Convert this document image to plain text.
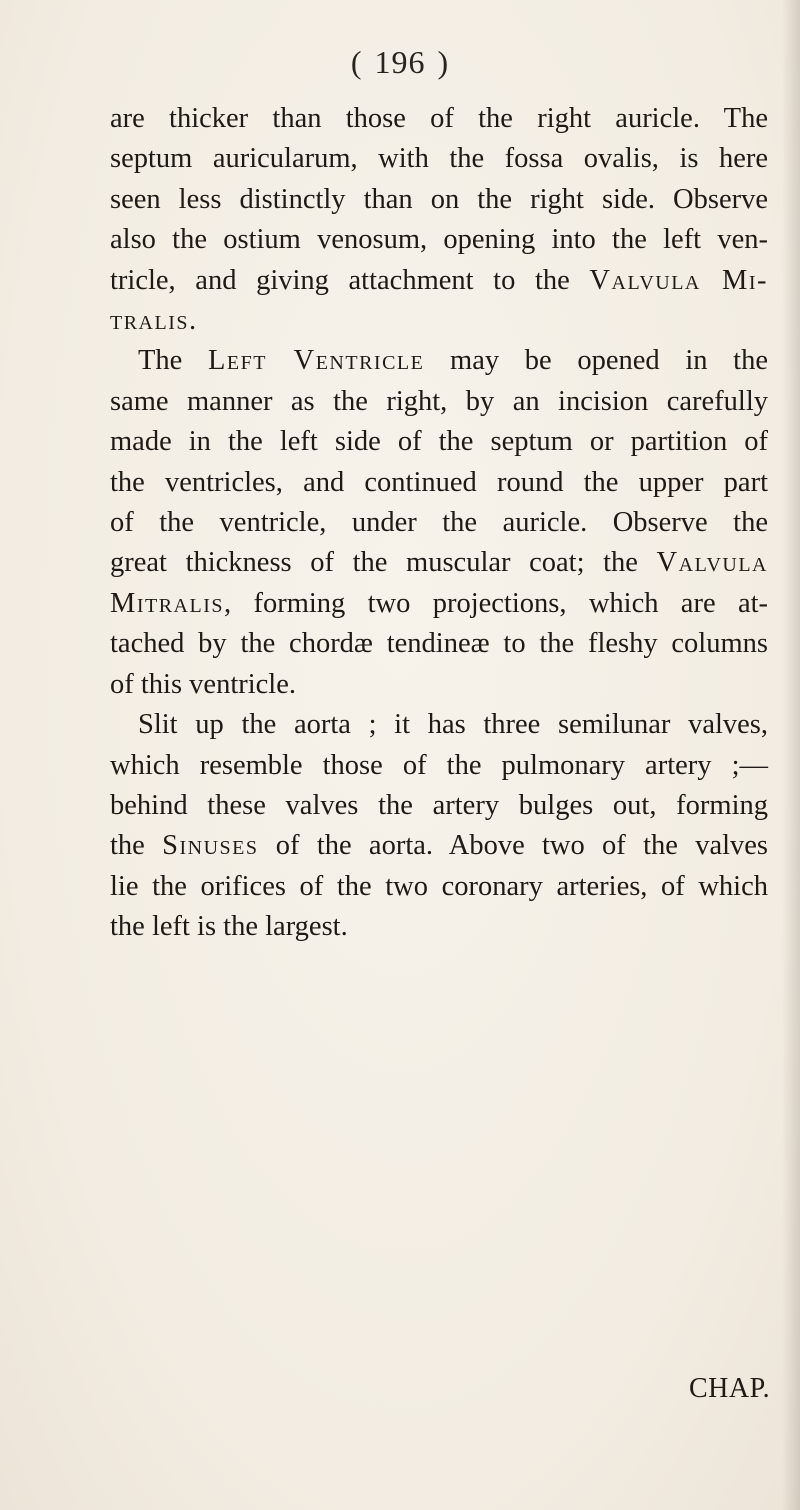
( 196 )
are thicker than those of the right auricle. The
septum auricularum, with the fossa ovalis, is here
seen less distinctly than on the right side. Observe
also the ostium venosum, opening into the left ven-
tricle, and giving attachment to the Valvula Mi-
tralis.
The Left Ventricle may be opened in the
same manner as the right, by an incision carefully
made in the left side of the septum or partition of
the ventricles, and continued round the upper part
of the ventricle, under the auricle. Observe the
great thickness of the muscular coat; the Valvula
Mitralis, forming two projections, which are at-
tached by the chordæ tendineæ to the fleshy columns
of this ventricle.
Slit up the aorta ; it has three semilunar valves,
which resemble those of the pulmonary artery ;—
behind these valves the artery bulges out, forming
the Sinuses of the aorta. Above two of the valves
lie the orifices of the two coronary arteries, of which
the left is the largest.
CHAP.
